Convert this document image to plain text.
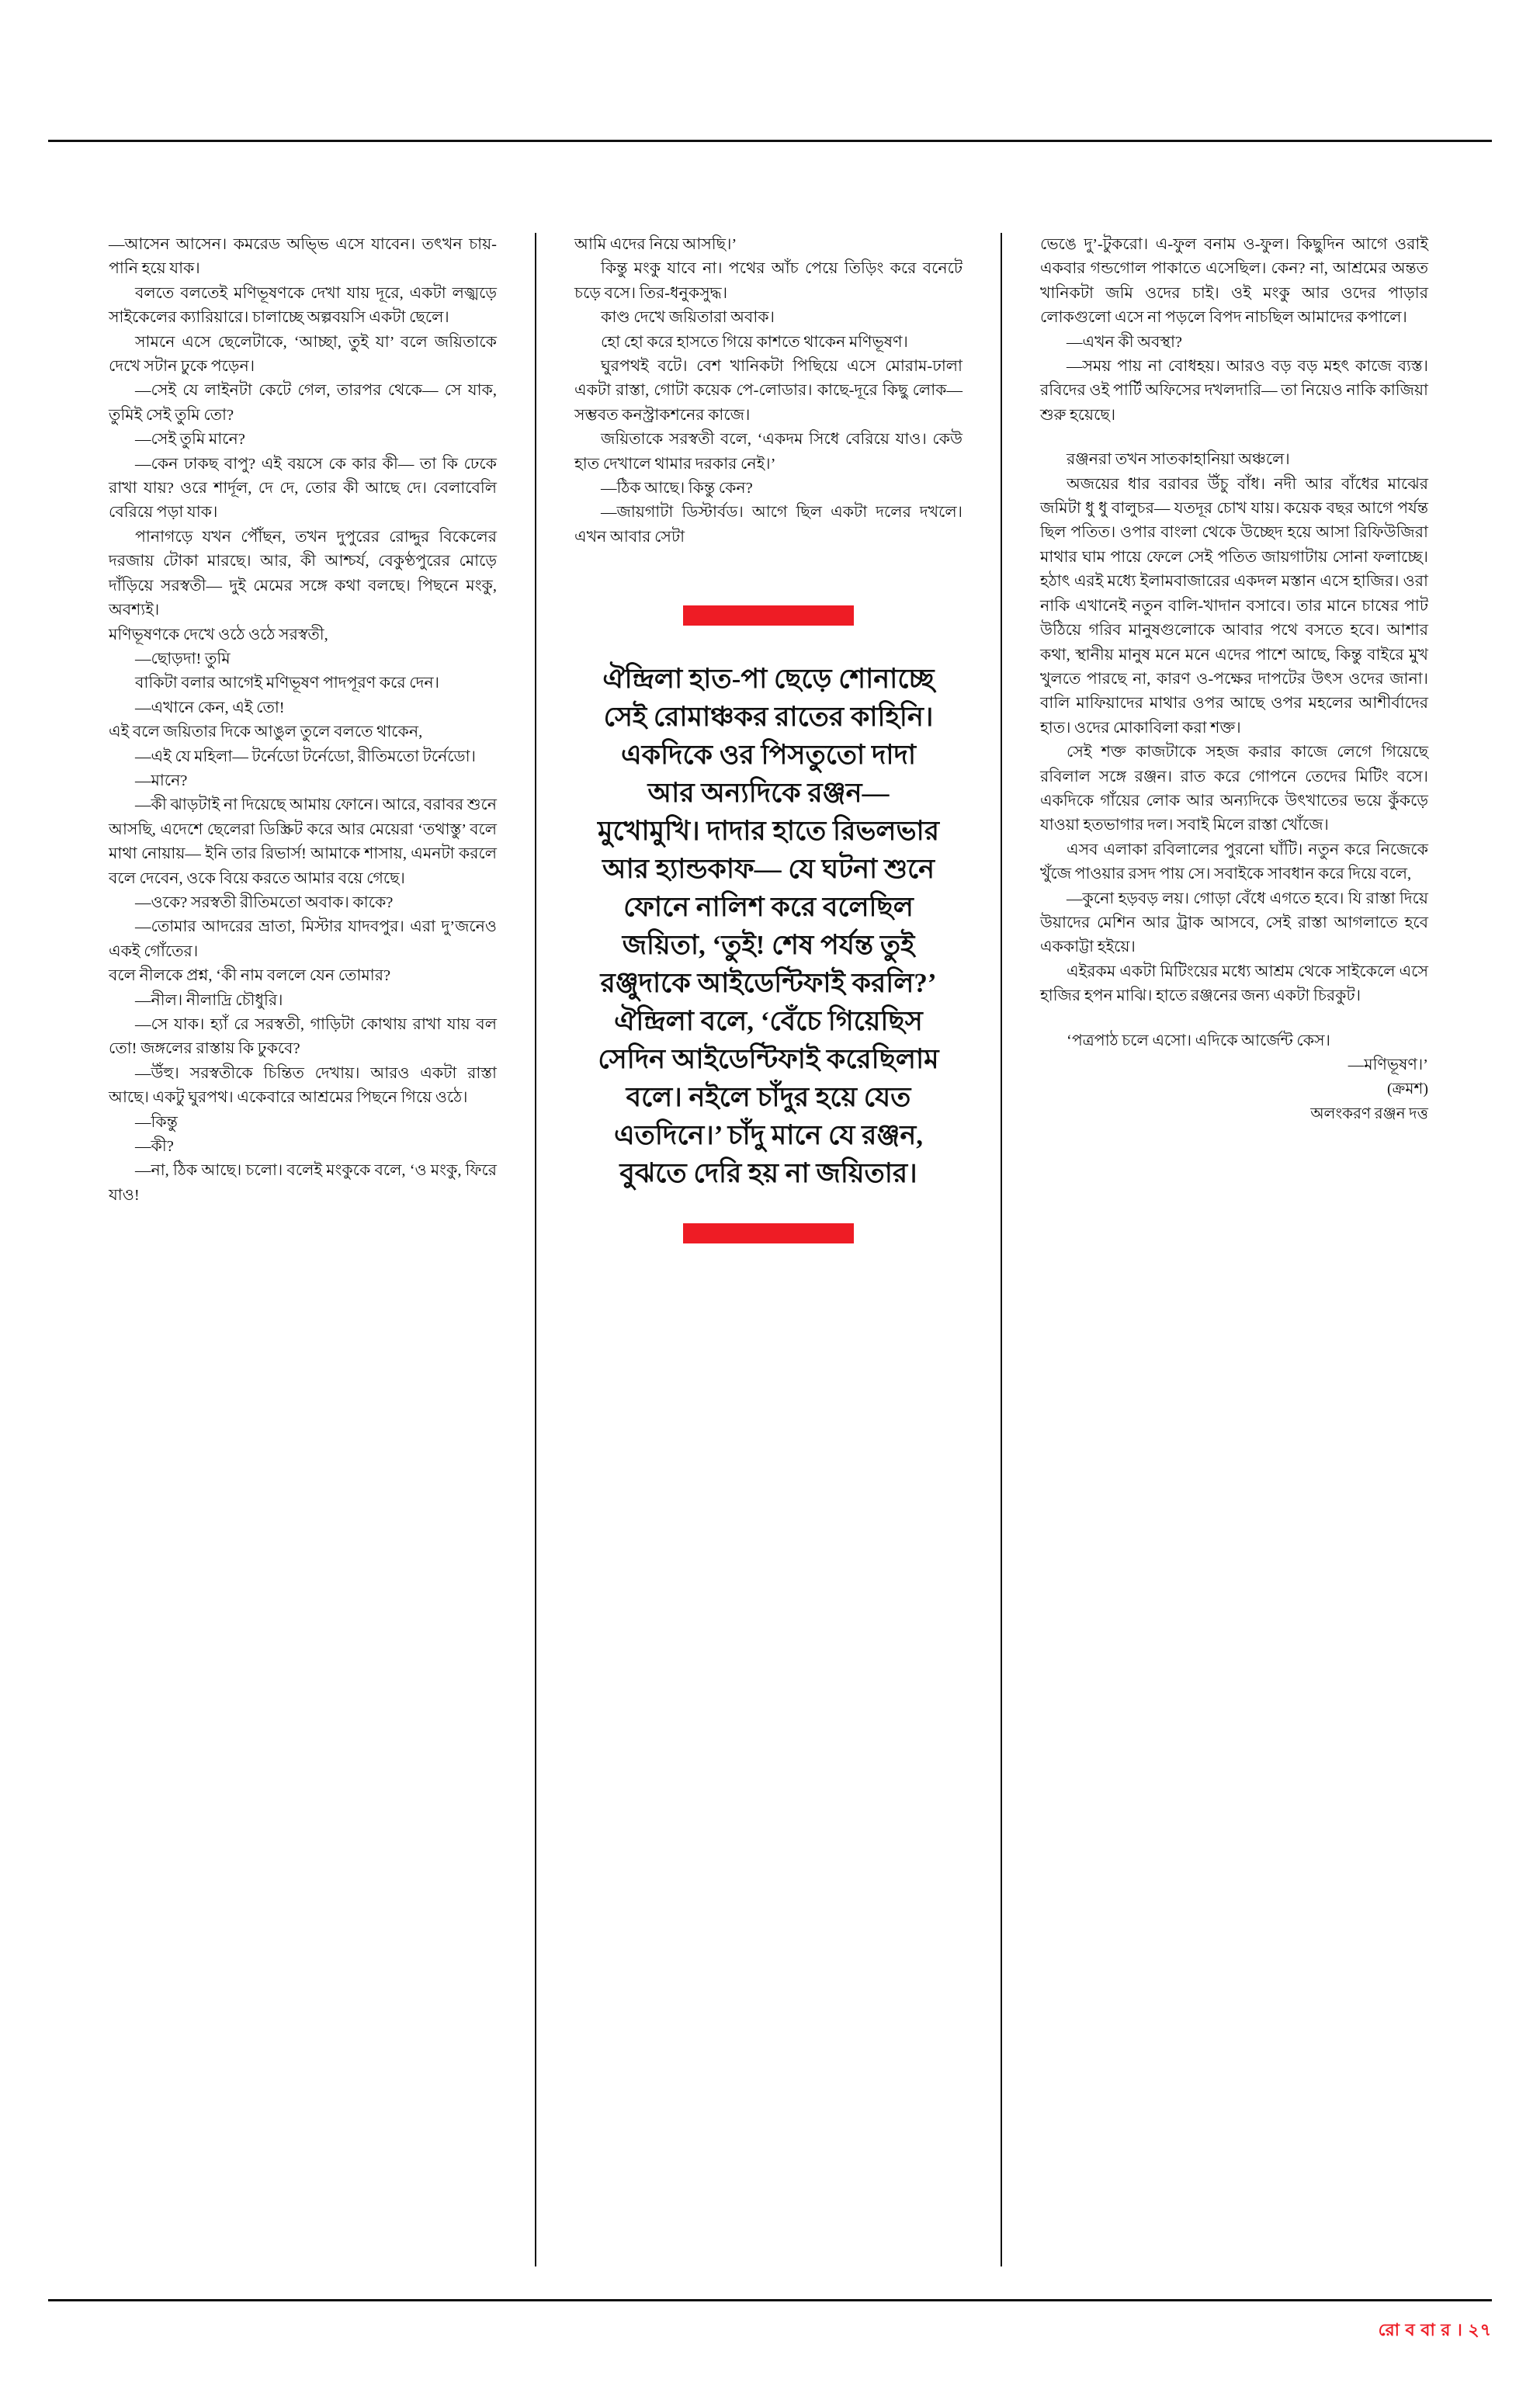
—আসেন আসেন। কমরেড অভ্ভি এসে যাবেন। তৎখন চায়-পানি হয়ে যাক।

বলতে বলতেই মণিভূষণকে দেখা যায় দূরে, একটা লজ্ঝড়ে সাইকেলের ক্যারিয়ারে। চালাচ্ছে অল্পবয়সি একটা ছেলে।

সামনে এসে ছেলেটাকে, ‘আচ্ছা, তুই যা’ বলে জয়িতাকে দেখে সটান ঢুকে পড়েন।

—সেই যে লাইনটা কেটে গেল, তারপর থেকে— সে যাক, তুমিই সেই তুমি তো?

—সেই তুমি মানে?

—কেন ঢাকছ বাপু? এই বয়সে কে কার কী— তা কি ঢেকে রাখা যায়? ওরে শার্দূল, দে দে, তোর কী আছে দে। বেলাবেলি বেরিয়ে পড়া যাক।

পানাগড়ে যখন পৌঁছন, তখন দুপুরের রোদ্দুর বিকেলের দরজায় টোকা মারছে। আর, কী আশ্চর্য, বেকুণ্ঠপুরের মোড়ে দাঁড়িয়ে সরস্বতী— দুই মেমের সঙ্গে কথা বলছে। পিছনে মংকু, অবশ্যই।

মণিভূষণকে দেখে ওঠে ওঠে সরস্বতী,

—ছোড়দা! তুমি

বাকিটা বলার আগেই মণিভূষণ পাদপূরণ করে দেন।

—এখানে কেন, এই তো!

এই বলে জয়িতার দিকে আঙুল তুলে বলতে থাকেন,

—এই যে মহিলা— টর্নেডো টর্নেডো, রীতিমতো টর্নেডো।

—মানে?

—কী ঝাড়টাই না দিয়েছে আমায় ফোনে। আরে, বরাবর শুনে আসছি, এদেশে ছেলেরা ডিস্ক্রিট করে আর মেয়েরা ‘তথাস্তু’ বলে মাথা নোয়ায়— ইনি তার রিভার্স! আমাকে শাসায়, এমনটা করলে বলে দেবেন, ওকে বিয়ে করতে আমার বয়ে গেছে।

—ওকে? সরস্বতী রীতিমতো অবাক। কাকে?

—তোমার আদরের ভ্রাতা, মিস্টার যাদবপুর। এরা দু’জনেও একই গোঁতের।

বলে নীলকে প্রশ্ন, ‘কী নাম বললে যেন তোমার?

—নীল। নীলাদ্রি চৌধুরি।

—সে যাক। হ্যাঁ রে সরস্বতী, গাড়িটা কোথায় রাখা যায় বল তো! জঙ্গলের রাস্তায় কি ঢুকবে?

—উঁহু। সরস্বতীকে চিন্তিত দেখায়। আরও একটা রাস্তা আছে। একটু ঘুরপথ। একেবারে আশ্রমের পিছনে গিয়ে ওঠে।

—কিন্তু

—কী?

—না, ঠিক আছে। চলো। বলেই মংকুকে বলে, ‘ও মংকু, ফিরে যাও!

আমি এদের নিয়ে আসছি।’

কিন্তু মংকু যাবে না। পথের আঁচ পেয়ে তিড়িং করে বনেটে চড়ে বসে। তির-ধনুকসুদ্ধ।

কাণ্ড দেখে জয়িতারা অবাক।

হো হো করে হাসতে গিয়ে কাশতে থাকেন মণিভূষণ।

ঘুরপথই বটে। বেশ খানিকটা পিছিয়ে এসে মোরাম-ঢালা একটা রাস্তা, গোটা কয়েক পে-লোডার। কাছে-দূরে কিছু লোক— সম্ভবত কনস্ট্রাকশনের কাজে।

জয়িতাকে সরস্বতী বলে, ‘একদম সিধে বেরিয়ে যাও। কেউ হাত দেখালে থামার দরকার নেই।’

—ঠিক আছে। কিন্তু কেন?

—জায়গাটা ডিস্টার্বড। আগে ছিল একটা দলের দখলে। এখন আবার সেটা

ঐন্দ্রিলা হাত-পা ছেড়ে শোনাচ্ছে সেই রোমাঞ্চকর রাতের কাহিনি। একদিকে ওর পিসতুতো দাদা আর অন্যদিকে রঞ্জন— মুখোমুখি। দাদার হাতে রিভলভার আর হ্যান্ডকাফ— যে ঘটনা শুনে ফোনে নালিশ করে বলেছিল জয়িতা, ‘তুই! শেষ পর্যন্ত তুই রঞ্জুদাকে আইডেন্টিফাই করলি?’ ঐন্দ্রিলা বলে, ‘বেঁচে গিয়েছিস সেদিন আইডেন্টিফাই করেছিলাম বলে। নইলে চাঁদুর হয়ে যেত এতদিনে।’ চাঁদু মানে যে রঞ্জন, বুঝতে দেরি হয় না জয়িতার।

ভেঙে দু’-টুকরো। এ-ফুল বনাম ও-ফুল। কিছুদিন আগে ওরাই একবার গন্ডগোল পাকাতে এসেছিল। কেন? না, আশ্রমের অন্তত খানিকটা জমি ওদের চাই। ওই মংকু আর ওদের পাড়ার লোকগুলো এসে না পড়লে বিপদ নাচছিল আমাদের কপালে।

—এখন কী অবস্থা?

—সময় পায় না বোধহয়। আরও বড় বড় মহৎ কাজে ব্যস্ত। রবিদের ওই পার্টি অফিসের দখলদারি— তা নিয়েও নাকি কাজিয়া শুরু হয়েছে।

রঞ্জনরা তখন সাতকাহানিয়া অঞ্চলে।

অজয়ের ধার বরাবর উঁচু বাঁধ। নদী আর বাঁধের মাঝের জমিটা ধু ধু বালুচর— যতদূর চোখ যায়। কয়েক বছর আগে পর্যন্ত ছিল পতিত। ওপার বাংলা থেকে উচ্ছেদ হয়ে আসা রিফিউজিরা মাথার ঘাম পায়ে ফেলে সেই পতিত জায়গাটায় সোনা ফলাচ্ছে। হঠাৎ এরই মধ্যে ইলামবাজারের একদল মস্তান এসে হাজির। ওরা নাকি এখানেই নতুন বালি-খাদান বসাবে। তার মানে চাষের পাট উঠিয়ে গরিব মানুষগুলোকে আবার পথে বসতে হবে। আশার কথা, স্থানীয় মানুষ মনে মনে এদের পাশে আছে, কিন্তু বাইরে মুখ খুলতে পারছে না, কারণ ও-পক্ষের দাপটের উৎস ওদের জানা। বালি মাফিয়াদের মাথার ওপর আছে ওপর মহলের আশীর্বাদের হাত। ওদের মোকাবিলা করা শক্ত।

সেই শক্ত কাজটাকে সহজ করার কাজে লেগে গিয়েছে রবিলাল সঙ্গে রঞ্জন। রাত করে গোপনে তেদের মিটিং বসে। একদিকে গাঁয়ের লোক আর অন্যদিকে উৎখাতের ভয়ে কুঁকড়ে যাওয়া হতভাগার দল। সবাই মিলে রাস্তা খোঁজে।

এসব এলাকা রবিলালের পুরনো ঘাঁটি। নতুন করে নিজেকে খুঁজে পাওয়ার রসদ পায় সে। সবাইকে সাবধান করে দিয়ে বলে,

—কুনো হড়বড় লয়। গোড়া বেঁধে এগতে হবে। যি রাস্তা দিয়ে উয়াদের মেশিন আর ট্রাক আসবে, সেই রাস্তা আগলাতে হবে এককাট্টা হইয়ে।

এইরকম একটা মিটিংয়ের মধ্যে আশ্রম থেকে সাইকেলে এসে হাজির হপন মাঝি। হাতে রঞ্জনের জন্য একটা চিরকুট।

‘পত্রপাঠ চলে এসো। এদিকে আর্জেন্ট কেস।

—মণিভূষণ।’

(ক্রমশ)

অলংকরণ রঞ্জন দত্ত

রো ব বা র । ২৭
